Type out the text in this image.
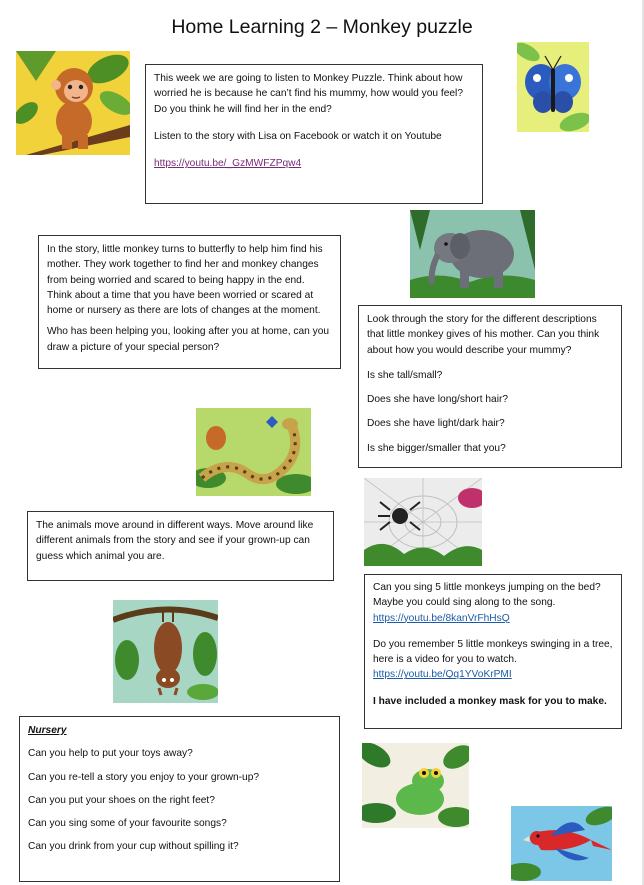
Home Learning 2 – Monkey puzzle

This week we are going to listen to Monkey Puzzle. Think about how worried he is because he can’t find his mummy, how would you feel?

Do you think he will find her in the end?

Listen to the story with Lisa on Facebook or watch it on Youtube

https://youtu.be/_GzMWFZPqw4

In the story, little monkey turns to butterfly to help him find his mother. They work together to find her and monkey changes from being worried and scared to being happy in the end. Think about a time that you have been worried or scared at home or nursery as there are lots of changes at the moment.

Who has been helping you, looking after you at home, can you draw a picture of your special person?

Look through the story for the different descriptions that little monkey gives of his mother. Can you think about how you would describe your mummy?

Is she tall/small?

Does she have long/short hair?

Does she have light/dark hair?

Is she bigger/smaller that you?

The animals move around in different ways. Move around like different animals from the story and see if your grown-up can guess which animal you are.

Can you sing 5 little monkeys jumping on the bed? Maybe you could sing along to the song.

https://youtu.be/8kanVrFhHsQ

Do you remember 5 little monkeys swinging in a tree, here is a video for you to watch.

https://youtu.be/Qq1YVoKrPMI

I have included a monkey mask for you to make.

Nursery

Can you help to put your toys away?

Can you re-tell a story you enjoy to your grown-up?

Can you put your shoes on the right feet?

Can you sing some of your favourite songs?

Can you drink from your cup without spilling it?
